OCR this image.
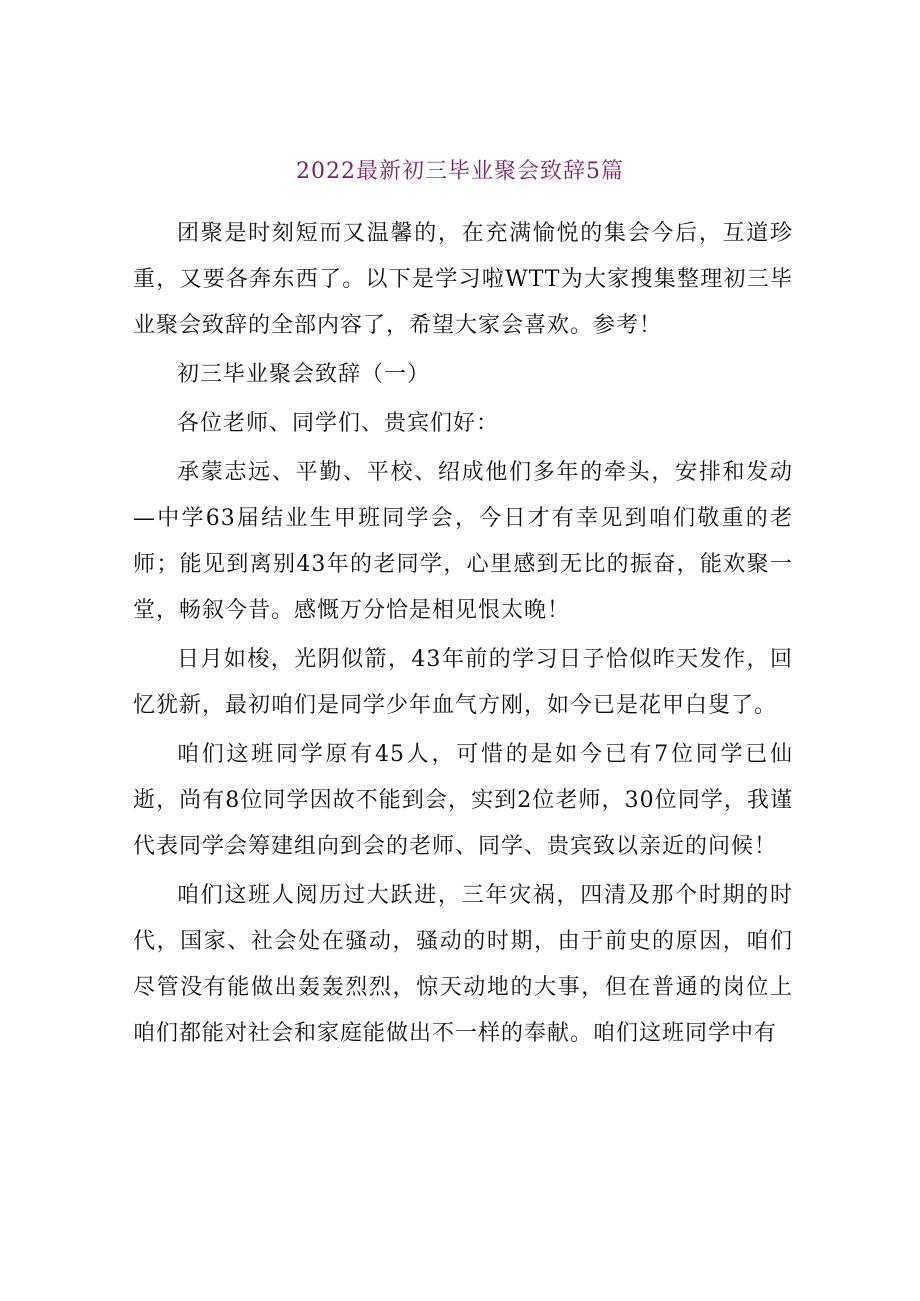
2022最新初三毕业聚会致辞5篇

团聚是时刻短而又温馨的，在充满愉悦的集会今后，互道珍重，又要各奔东西了。以下是学习啦WTT为大家搜集整理初三毕业聚会致辞的全部内容了，希望大家会喜欢。参考！

初三毕业聚会致辞（一）

各位老师、同学们、贵宾们好：

承蒙志远、平勤、平校、绍成他们多年的牵头，安排和发动—中学63届结业生甲班同学会，今日才有幸见到咱们敬重的老师；能见到离别43年的老同学，心里感到无比的振奋，能欢聚一堂，畅叙今昔。感慨万分恰是相见恨太晚！

日月如梭，光阴似箭，43年前的学习日子恰似昨天发作，回忆犹新，最初咱们是同学少年血气方刚，如今已是花甲白叟了。

咱们这班同学原有45人，可惜的是如今已有7位同学已仙逝，尚有8位同学因故不能到会，实到2位老师，30位同学，我谨代表同学会筹建组向到会的老师、同学、贵宾致以亲近的问候！

咱们这班人阅历过大跃进，三年灾祸，四清及那个时期的时代，国家、社会处在骚动，骚动的时期，由于前史的原因，咱们尽管没有能做出轰轰烈烈，惊天动地的大事，但在普通的岗位上咱们都能对社会和家庭能做出不一样的奉献。咱们这班同学中有
